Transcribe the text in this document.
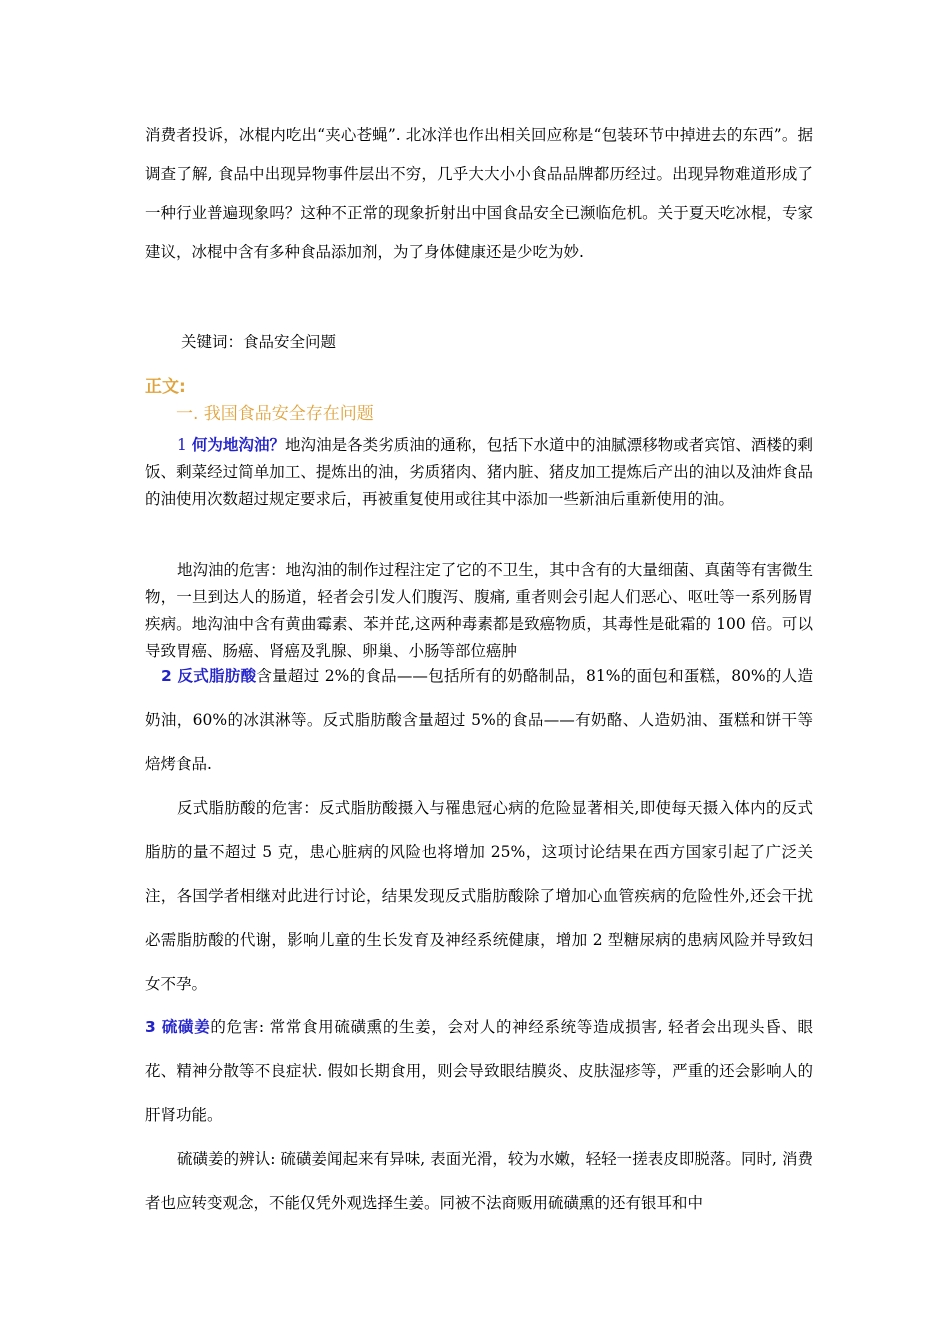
消费者投诉，冰棍内吃出“夹心苍蝇”. 北冰洋也作出相关回应称是“包装环节中掉进去的东西”。据调查了解, 食品中出现异物事件层出不穷，几乎大大小小食品品牌都历经过。出现异物难道形成了一种行业普遍现象吗？这种不正常的现象折射出中国食品安全已濒临危机。关于夏天吃冰棍，专家建议，冰棍中含有多种食品添加剂，为了身体健康还是少吃为妙.

关键词：食品安全问题
正文:
一. 我国食品安全存在问题

1 何为地沟油？地沟油是各类劣质油的通称，包括下水道中的油腻漂移物或者宾馆、酒楼的剩饭、剩菜经过简单加工、提炼出的油，劣质猪肉、猪内脏、猪皮加工提炼后产出的油以及油炸食品的油使用次数超过规定要求后，再被重复使用或往其中添加一些新油后重新使用的油。

地沟油的危害：地沟油的制作过程注定了它的不卫生，其中含有的大量细菌、真菌等有害微生物，一旦到达人的肠道，轻者会引发人们腹泻、腹痛, 重者则会引起人们恶心、呕吐等一系列肠胃疾病。地沟油中含有黄曲霉素、苯并芘,这两种毒素都是致癌物质，其毒性是砒霜的 100 倍。可以导致胃癌、肠癌、肾癌及乳腺、卵巢、小肠等部位癌肿

2 反式脂肪酸含量超过 2%的食品——包括所有的奶酪制品，81%的面包和蛋糕，80%的人造奶油，60%的冰淇淋等。反式脂肪酸含量超过 5%的食品——有奶酪、人造奶油、蛋糕和饼干等焙烤食品.

反式脂肪酸的危害：反式脂肪酸摄入与罹患冠心病的危险显著相关,即使每天摄入体内的反式脂肪的量不超过 5 克，患心脏病的风险也将增加 25%，这项讨论结果在西方国家引起了广泛关注，各国学者相继对此进行讨论，结果发现反式脂肪酸除了增加心血管疾病的危险性外,还会干扰必需脂肪酸的代谢，影响儿童的生长发育及神经系统健康，增加 2 型糖尿病的患病风险并导致妇女不孕。

3 硫磺姜的危害: 常常食用硫磺熏的生姜，会对人的神经系统等造成损害, 轻者会出现头昏、眼花、精神分散等不良症状. 假如长期食用，则会导致眼结膜炎、皮肤湿疹等，严重的还会影响人的肝肾功能。

硫磺姜的辨认: 硫磺姜闻起来有异味, 表面光滑，较为水嫩，轻轻一搓表皮即脱落。同时, 消费者也应转变观念，不能仅凭外观选择生姜。同被不法商贩用硫磺熏的还有银耳和中
